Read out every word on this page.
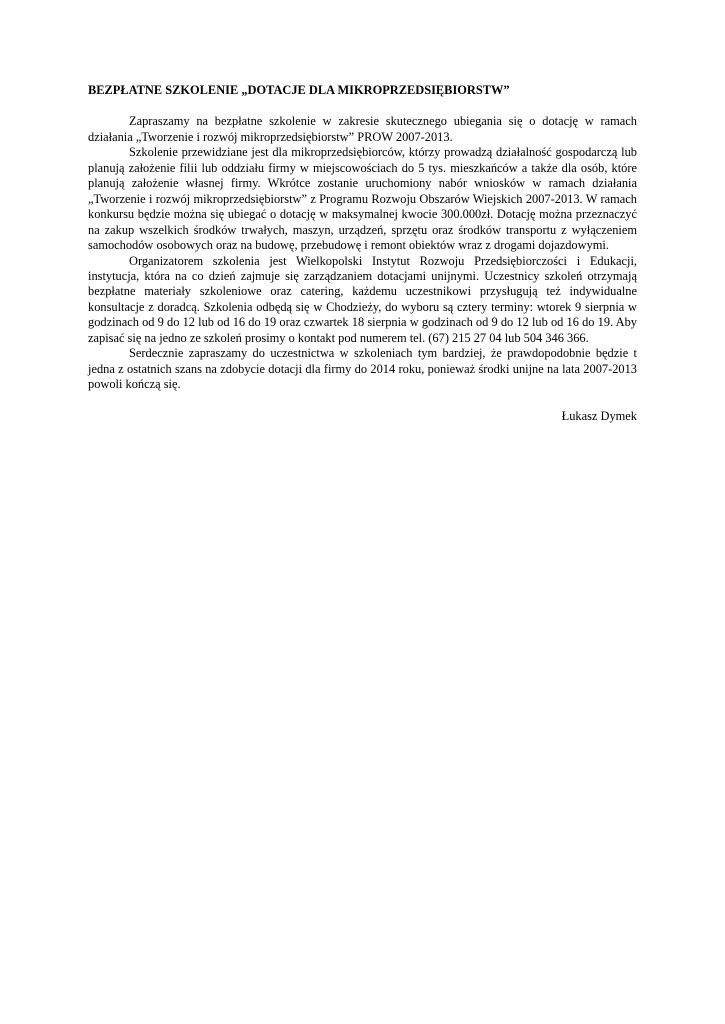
BEZPŁATNE SZKOLENIE „DOTACJE DLA MIKROPRZEDSIĘBIORSTW”

Zapraszamy na bezpłatne szkolenie w zakresie skutecznego ubiegania się o dotację w ramach działania „Tworzenie i rozwój mikroprzedsiębiorstw” PROW 2007-2013.

Szkolenie przewidziane jest dla mikroprzedsiębiorców, którzy prowadzą działalność gospodarczą lub planują założenie filii lub oddziału firmy w miejscowościach do 5 tys. mieszkańców a także dla osób, które planują założenie własnej firmy. Wkrótce zostanie uruchomiony nabór wniosków w ramach działania „Tworzenie i rozwój mikroprzedsiębiorstw” z Programu Rozwoju Obszarów Wiejskich 2007-2013. W ramach konkursu będzie można się ubiegać o dotację w maksymalnej kwocie 300.000zł. Dotację można przeznaczyć na zakup wszelkich środków trwałych, maszyn, urządzeń, sprzętu oraz środków transportu z wyłączeniem samochodów osobowych oraz na budowę, przebudowę i remont obiektów wraz z drogami dojazdowymi.

Organizatorem szkolenia jest Wielkopolski Instytut Rozwoju Przedsiębiorczości i Edukacji, instytucja, która na co dzień zajmuje się zarządzaniem dotacjami unijnymi. Uczestnicy szkoleń otrzymają bezpłatne materiały szkoleniowe oraz catering, każdemu uczestnikowi przysługują też indywidualne konsultacje z doradcą. Szkolenia odbędą się w Chodzieży, do wyboru są cztery terminy: wtorek 9 sierpnia w godzinach od 9 do 12 lub od 16 do 19 oraz czwartek 18 sierpnia w godzinach od 9 do 12 lub od 16 do 19. Aby zapisać się na jedno ze szkoleń prosimy o kontakt pod numerem tel. (67) 215 27 04 lub 504 346 366.

Serdecznie zapraszamy do uczestnictwa w szkoleniach tym bardziej, że prawdopodobnie będzie t jedna z ostatnich szans na zdobycie dotacji dla firmy do 2014 roku, ponieważ środki unijne na lata 2007-2013 powoli kończą się.

Łukasz Dymek
